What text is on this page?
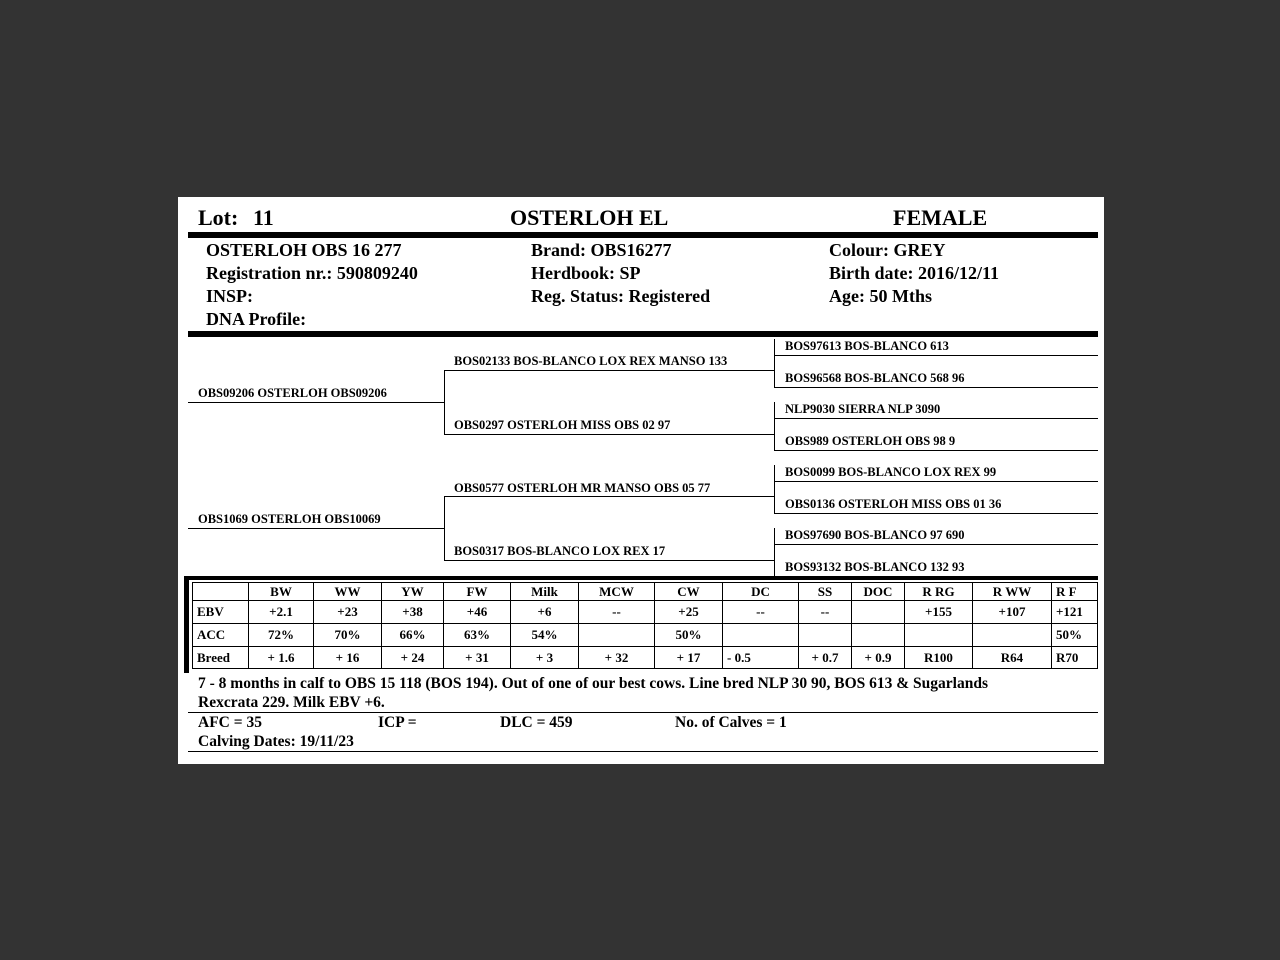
Lot: 11	OSTERLOH EL	FEMALE
OSTERLOH OBS 16 277
Registration nr.: 590809240
INSP:
DNA Profile:
Brand: OBS16277
Herdbook: SP
Reg. Status: Registered
Colour: GREY
Birth date: 2016/12/11
Age: 50 Mths
OBS09206 OSTERLOH OBS09206
OBS1069 OSTERLOH OBS10069
BOS02133 BOS-BLANCO LOX REX MANSO 133
OBS0297 OSTERLOH MISS OBS 02 97
OBS0577 OSTERLOH MR MANSO OBS 05 77
BOS0317 BOS-BLANCO LOX REX 17
BOS97613 BOS-BLANCO 613
BOS96568 BOS-BLANCO 568 96
NLP9030 SIERRA NLP 3090
OBS989 OSTERLOH OBS 98 9
BOS0099 BOS-BLANCO LOX REX 99
OBS0136 OSTERLOH MISS OBS 01 36
BOS97690 BOS-BLANCO 97 690
BOS93132 BOS-BLANCO 132 93
	BW	WW	YW	FW	Milk	MCW	CW	DC	SS	DOC	R RG	R WW	R F
EBV	+2.1	+23	+38	+46	+6	--	+25	--	--		+155	+107	+121
ACC	72%	70%	66%	63%	54%		50%						50%
Breed	+ 1.6	+ 16	+ 24	+ 31	+ 3	+ 32	+ 17	- 0.5	+ 0.7	+ 0.9	R100	R64	R70
7 - 8 months in calf to OBS 15 118 (BOS 194). Out of one of our best cows. Line bred NLP 30 90, BOS 613 & Sugarlands
Rexcrata 229. Milk EBV +6.
AFC = 35	ICP =	DLC = 459	No. of Calves = 1
Calving Dates: 19/11/23
